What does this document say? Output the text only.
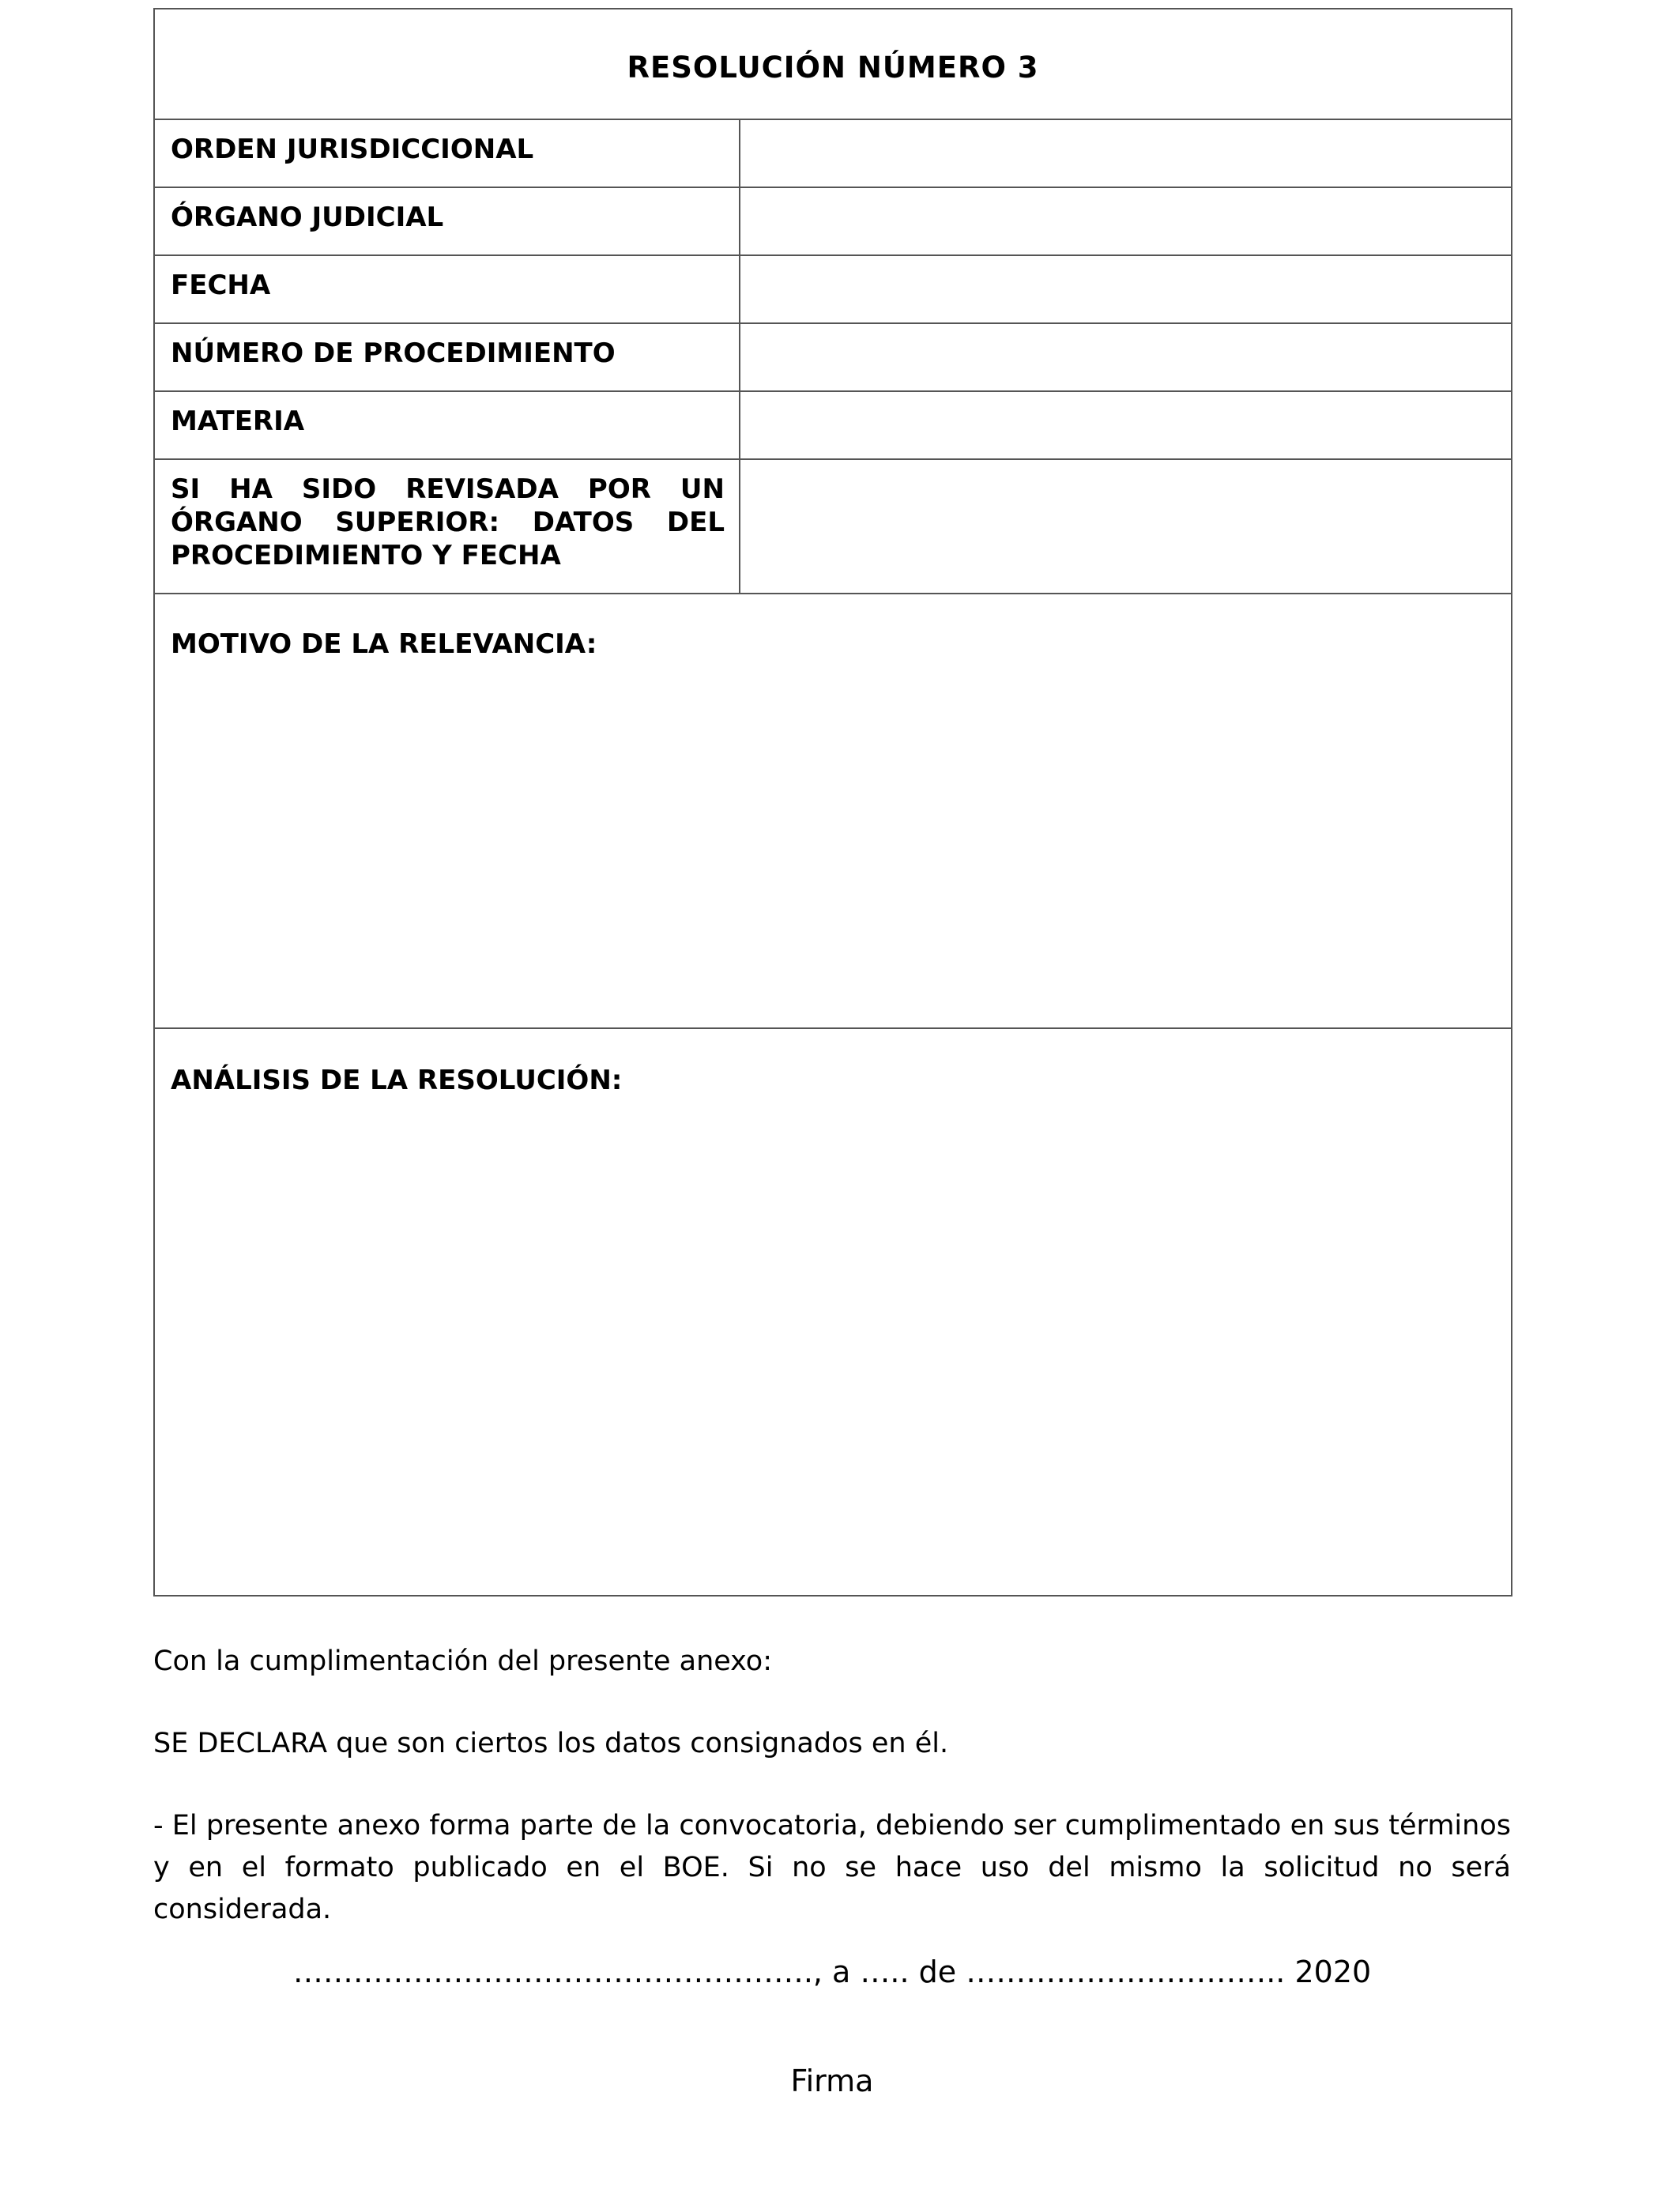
RESOLUCIÓN NÚMERO 3	

ORDEN JURISDICCIONAL	

ÓRGANO JUDICIAL	

FECHA	

NÚMERO DE PROCEDIMIENTO	

MATERIA	

SI HA SIDO REVISADA POR UN ÓRGANO SUPERIOR: DATOS DEL PROCEDIMIENTO Y FECHA	

MOTIVO DE LA RELEVANCIA:	

ANÁLISIS DE LA RESOLUCIÓN:	
Con la cumplimentación del presente anexo:
SE DECLARA que son ciertos los datos consignados en él.
- El presente anexo forma parte de la convocatoria, debiendo ser cumplimentado en sus términos y en el formato publicado en el BOE. Si no se hace uso del mismo la solicitud no será considerada.
……………………………………………., a ….. de ………………………….. 2020
Firma
